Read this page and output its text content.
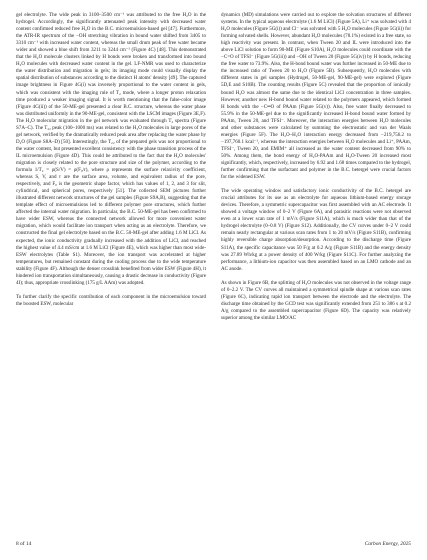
gel electrolyte. The wide peak in 3100–3500 cm⁻¹ was attributed to the free H₂O in the hydrogel. Accordingly, the significantly attenuated peak intensity with decreased water content confirmed reduced free H₂O in the B.C. microemulsion-based gel [47]. Furthermore, the ATR-IR spectrum of the −OH stretching vibration in bound water shifted from 3405 to 3310 cm⁻¹ with increased water content, whereas the small drum peak of free water became wider and showed a blue shift from 3211 to 3244 cm⁻¹ (Figure 4C) [48]. This demonstrated that the H₂O molecule clusters linked by H bonds were broken and transformed into bound H₂O molecules with decreased water content in the gel. LF-NMR was used to characterize the water distribution and migration in gels; its imaging mode could visually display the spatial distribution of substances according to the distinct H atoms' density [49]. The captured image brightness in Figure 4G(i) was inversely proportional to the water content in gels, which was consistent with the imaging rule of T₂ mode, where a longer proton relaxation time produced a weaker imaging signal. It is worth mentioning that the false-color image (Figure 4G(ii)) of the 50-ME-gel presented a clear B.C. structure, whereas the water phase was distributed uniformly in the 90-ME-gel, consistent with the LSCM images (Figure 3E,F). The H₂O molecular migration in the gel network was evaluated through T₂ spectra (Figure S7A–C). The T₂₂ peak (100–1000 ms) was related to the H₂O molecules in large pores of the gel network, verified by the dramatically reduced peak area after replacing the water phase by D₂O (Figure S8A–D) [50]. Interestingly, the T₂₂ of the prepared gels was not proportional to the water content, but presented excellent consistency with the phase transition process of the IL microemulsion (Figure 4D). This could be attributed to the fact that the H₂O molecules' migration is closely related to the pore structure and size of the polymer, according to the formula 1/T₂ = ρ(S/V) = ρ(F₀/r), where ρ represents the surface relaxivity coefficient, whereas S, V, and r are the surface area, volume, and equivalent radius of the pore, respectively, and F₀ is the geometric shape factor, which has values of 1, 2, and 3 for slit, cylindrical, and spherical pores, respectively [51]. The collected SEM pictures further illustrated different network structures of the gel samples (Figure S9A,B), suggesting that the template effect of microemulsions led to different polymer pore structures, which further affected the internal water migration. In particular, the B.C. 50-ME-gel has been confirmed to have wider ESW, whereas the connected network allowed for more convenient water migration, which would facilitate ion transport when acting as an electrolyte. Therefore, we constructed the final gel electrolyte based on the B.C. 50-ME-gel after adding 1.6 M LiCl. As expected, the ionic conductivity gradually increased with the addition of LiCl, and reached the highest value of 4.4 mS/cm at 1.6 M LiCl (Figure 4E), which was higher than most wide-ESW electrolytes (Table S1). Moreover, the ion transport was accelerated at higher temperatures, but remained constant during the cooling process due to the wide temperature stability (Figure 4F). Although the denser crosslink benefited from wider ESW (Figure 4H), it hindered ion transportation simultaneously, causing a drastic decrease in conductivity (Figure 4I); thus, appropriate crosslinking (175 g/L AAm) was adopted.

To further clarify the specific contribution of each component in the microemulsion toward the boosted ESW, molecular

dynamics (MD) simulations were carried out to explore the solvation structures of different systems. In the typical aqueous electrolyte (1.6 M LiCl) (Figure 5A), Li⁺ was solvated with 4 H₂O molecules (Figure 5G(i)) and Cl⁻ was solvated with 5 H₂O molecules (Figure 5G(ii)) for forming solvated shells. However, abundant H₂O molecules (78.1%) existed in a free state, so high reactivity was present. In contrast, when Tween 20 and IL were introduced into the above LiCl solution to form 90-ME (Figure S10A), H₂O molecules could coordinate with the −C=O of TFSI⁻ (Figure 5G(iii)) and −OH of Tween 20 (Figure 5G(iv)) by H bonds, reducing the free water to 73.9%. Also, the H-bond bound water was further increased in 50-ME due to the increased ratio of Tween 20 to H₂O (Figure 5B). Subsequently, H₂O molecules with different states in gel samples (Hydrogel, 50-ME-gel, 90-ME-gel) were explored (Figure 5D,E and S10B). The counting results (Figure 5C) revealed that the proportion of ionically bound H₂O was almost the same due to the identical LiCl concentration in three samples. However, another new H-bond bound water related to the polymers appeared, which formed H bonds with the −C═O of PAAm (Figure 5G(v)). Also, free water finally decreased to 55.9% in the 50-ME-gel due to the significantly increased H-bond bound water formed by PAAm, Tween 20, and TFSI⁻. Moreover, the interaction energies between H₂O molecules and other substances were calculated by summing the electrostatic and van der Waals energies (Figure 5F). The H₂O–H₂O interaction energy decreased from −219,756.2 to −197,760.1 kcal⁻¹, whereas the interaction energies between H₂O molecules and Li⁺, PAAm, TFSI⁻, Tween 20, and EMIM⁺ all increased as the water content decreased from 90% to 50%. Among them, the bond energy of H₂O-PAAm and H₂O-Tween 20 increased most significantly, which, respectively, increased by 6.92 and 1.68 times compared to the hydrogel, further confirming that the surfactant and polymer in the B.C. hetergel were crucial factors for the widened ESW.

The wide operating window and satisfactory ionic conductivity of the B.C. hetergel are crucial attributes for its use as an electrolyte for aqueous lithium-based energy storage devices. Therefore, a symmetric supercapacitor was first assembled with an AC electrode. It showed a voltage window of 0–2 V (Figure 6A), and parasitic reactions were not observed even at a lower scan rate of 1 mV/s (Figure S11A), which is much wider than that of the hydrogel electrolyte (0–0.8 V) (Figure S12). Additionally, the CV curves under 0–2 V could remain nearly rectangular at various scan rates from 1 to 20 mV/s (Figure S11B), confirming highly reversible charge absorption/desorption. According to the discharge time (Figure S11A), the specific capacitance was 50 F/g at 0.2 A/g (Figure S11B) and the energy density was 27.89 Wh/kg at a power density of 400 W/kg (Figure S11C). For further analyzing the performance, a lithium-ion capacitor was then assembled based on an LMO cathode and an AC anode.

As shown in Figure 6B, the splitting of H₂O molecules was not observed in the voltage range of 0–2.2 V. The CV curves all maintained a symmetrical spindle shape at various scan rates (Figure 6C), indicating rapid ion transport between the electrode and the electrolyte. The discharge time obtained by the GCD test was significantly extended from 251 to 386 s at 0.2 A/g compared to the assembled supercapacitor (Figure 6D). The capacity was relatively superior among the similar LMO/AC

8 of 14	Carbon Energy, 2025
